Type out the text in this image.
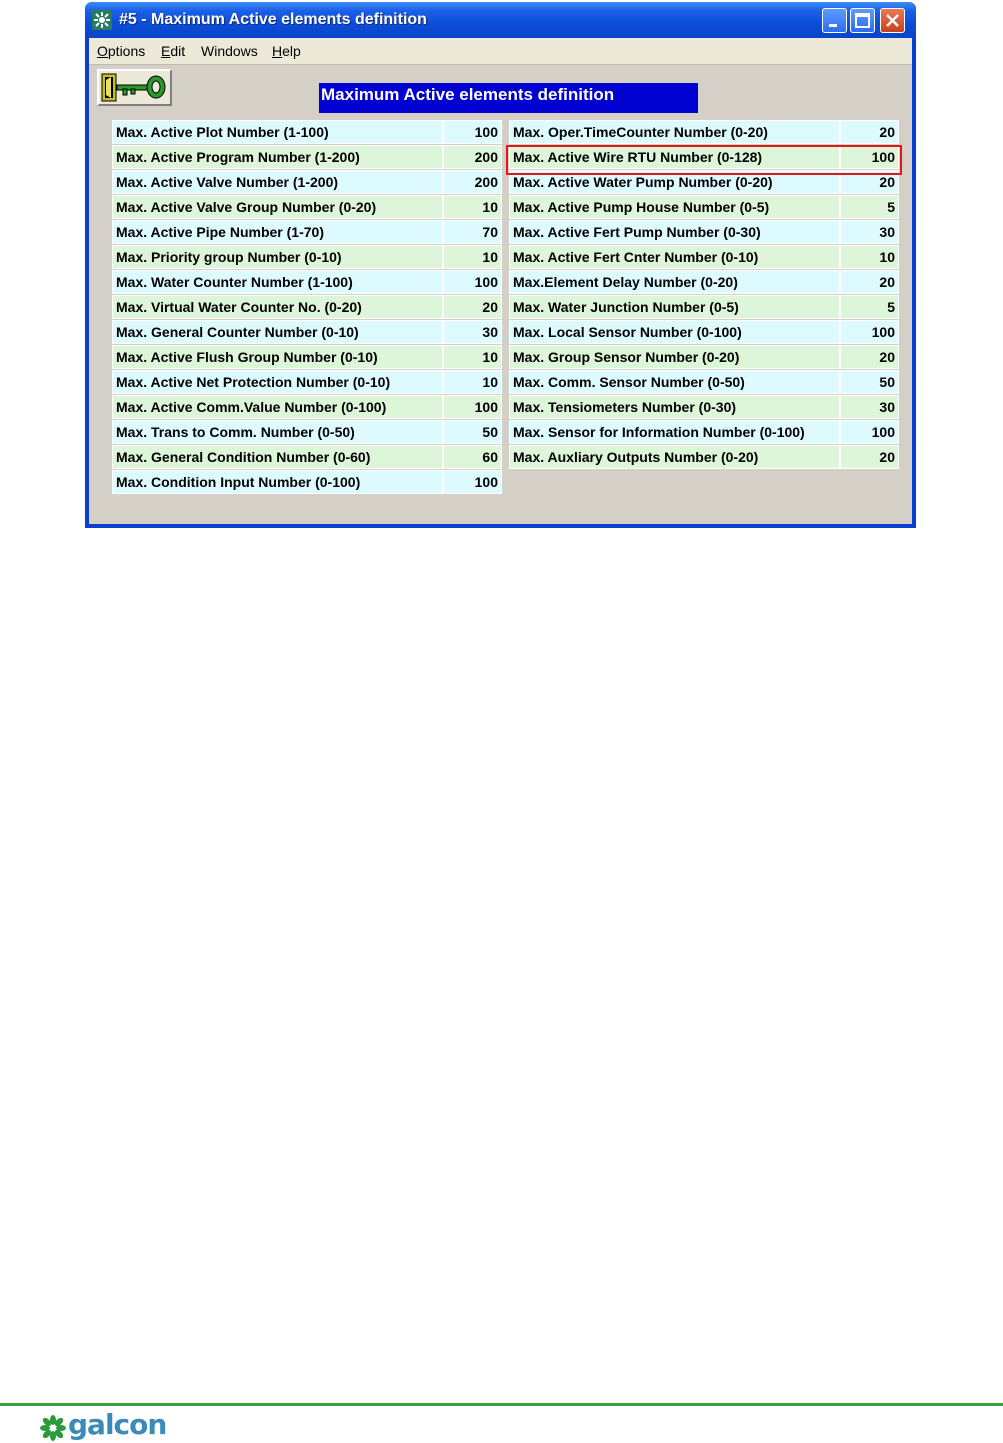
#5 - Maximum Active elements definition
Options Edit Windows Help
Maximum Active elements definition
Max. Active Plot Number (1-100)	100
Max. Active Program Number (1-200)	200
Max. Active Valve Number (1-200)	200
Max. Active Valve Group Number (0-20)	10
Max. Active Pipe Number (1-70)	70
Max. Priority group Number (0-10)	10
Max. Water Counter Number (1-100)	100
Max. Virtual Water Counter No. (0-20)	20
Max. General Counter Number (0-10)	30
Max. Active Flush Group Number (0-10)	10
Max. Active Net Protection Number (0-10)	10
Max. Active Comm.Value Number (0-100)	100
Max. Trans to Comm. Number (0-50)	50
Max. General Condition Number (0-60)	60
Max. Condition Input Number (0-100)	100
Max. Oper.TimeCounter Number (0-20)	20
Max. Active Wire RTU Number (0-128)	100
Max. Active Water Pump Number (0-20)	20
Max. Active Pump House Number (0-5)	5
Max. Active Fert Pump Number (0-30)	30
Max. Active Fert Cnter Number (0-10)	10
Max.Element Delay Number (0-20)	20
Max. Water Junction Number (0-5)	5
Max. Local Sensor Number (0-100)	100
Max. Group Sensor Number (0-20)	20
Max. Comm. Sensor Number (0-50)	50
Max. Tensiometers Number (0-30)	30
Max. Sensor for Information Number (0-100)	100
Max. Auxliary Outputs Number (0-20)	20
galcon
